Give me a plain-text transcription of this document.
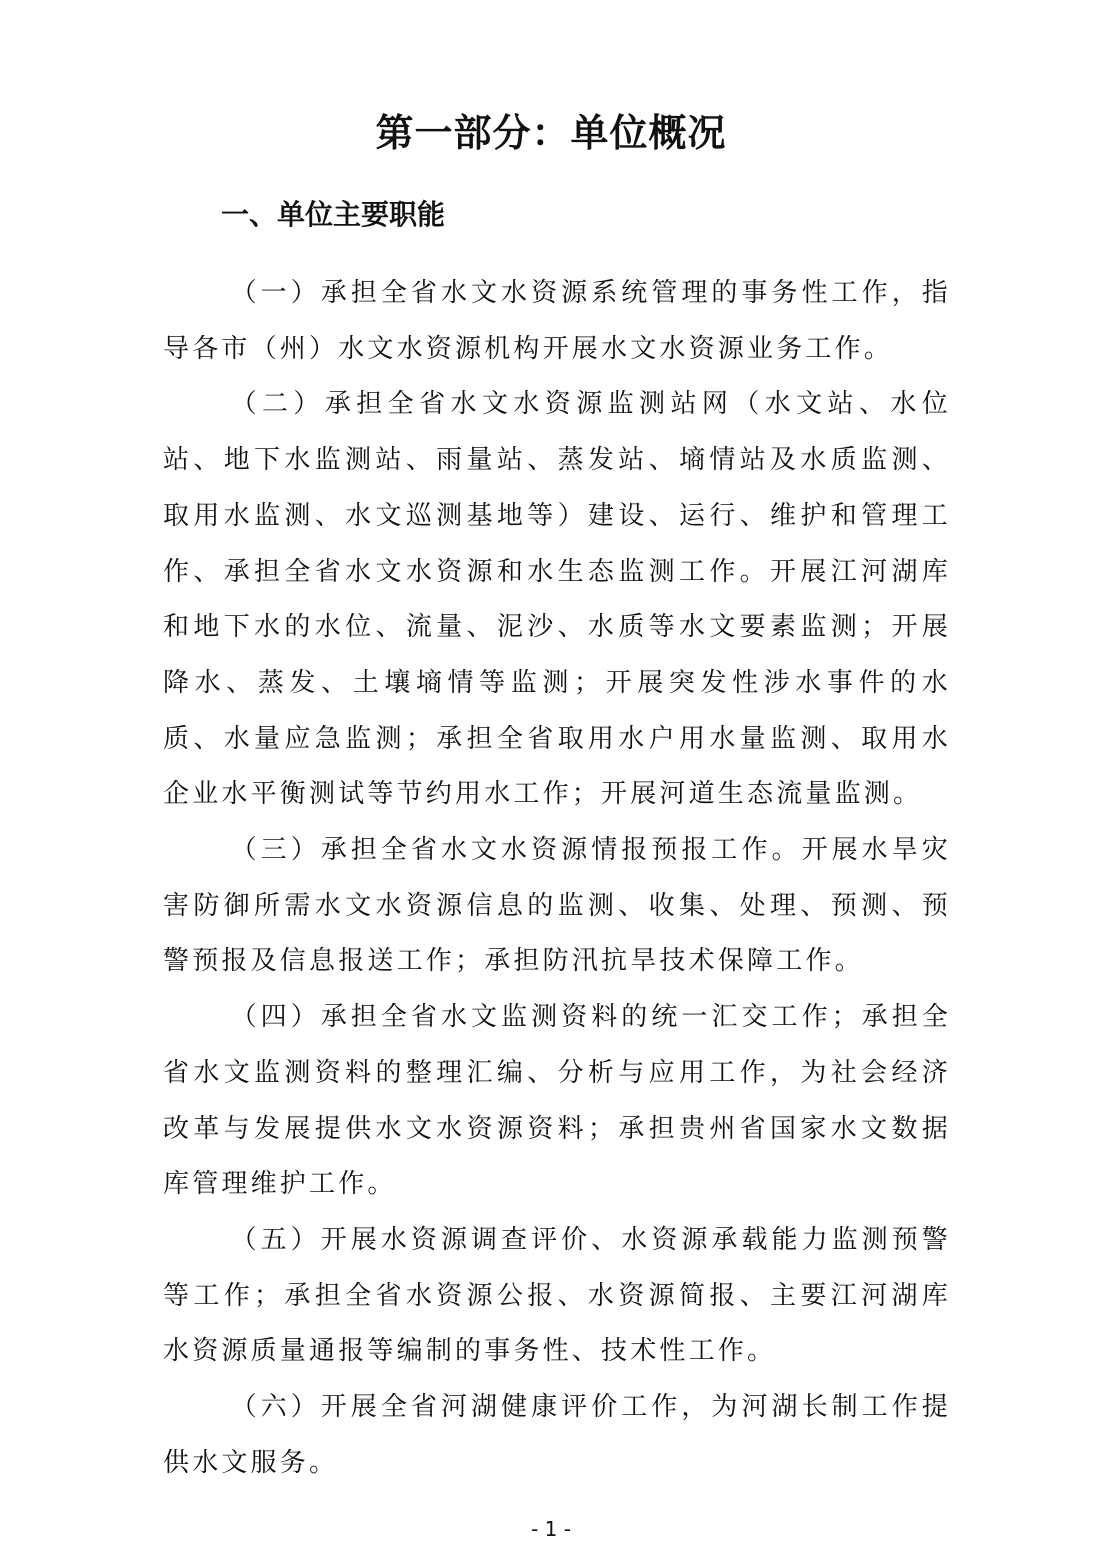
第一部分：单位概况
一、单位主要职能

（一）承担全省水文水资源系统管理的事务性工作，指导各市（州）水文水资源机构开展水文水资源业务工作。

（二）承担全省水文水资源监测站网（水文站、水位站、地下水监测站、雨量站、蒸发站、墒情站及水质监测、取用水监测、水文巡测基地等）建设、运行、维护和管理工作、承担全省水文水资源和水生态监测工作。开展江河湖库和地下水的水位、流量、泥沙、水质等水文要素监测；开展降水、蒸发、土壤墒情等监测；开展突发性涉水事件的水质、水量应急监测；承担全省取用水户用水量监测、取用水企业水平衡测试等节约用水工作；开展河道生态流量监测。

（三）承担全省水文水资源情报预报工作。开展水旱灾害防御所需水文水资源信息的监测、收集、处理、预测、预警预报及信息报送工作；承担防汛抗旱技术保障工作。

（四）承担全省水文监测资料的统一汇交工作；承担全省水文监测资料的整理汇编、分析与应用工作，为社会经济改革与发展提供水文水资源资料；承担贵州省国家水文数据库管理维护工作。

（五）开展水资源调查评价、水资源承载能力监测预警等工作；承担全省水资源公报、水资源简报、主要江河湖库水资源质量通报等编制的事务性、技术性工作。

（六）开展全省河湖健康评价工作，为河湖长制工作提供水文服务。

- 1 -
